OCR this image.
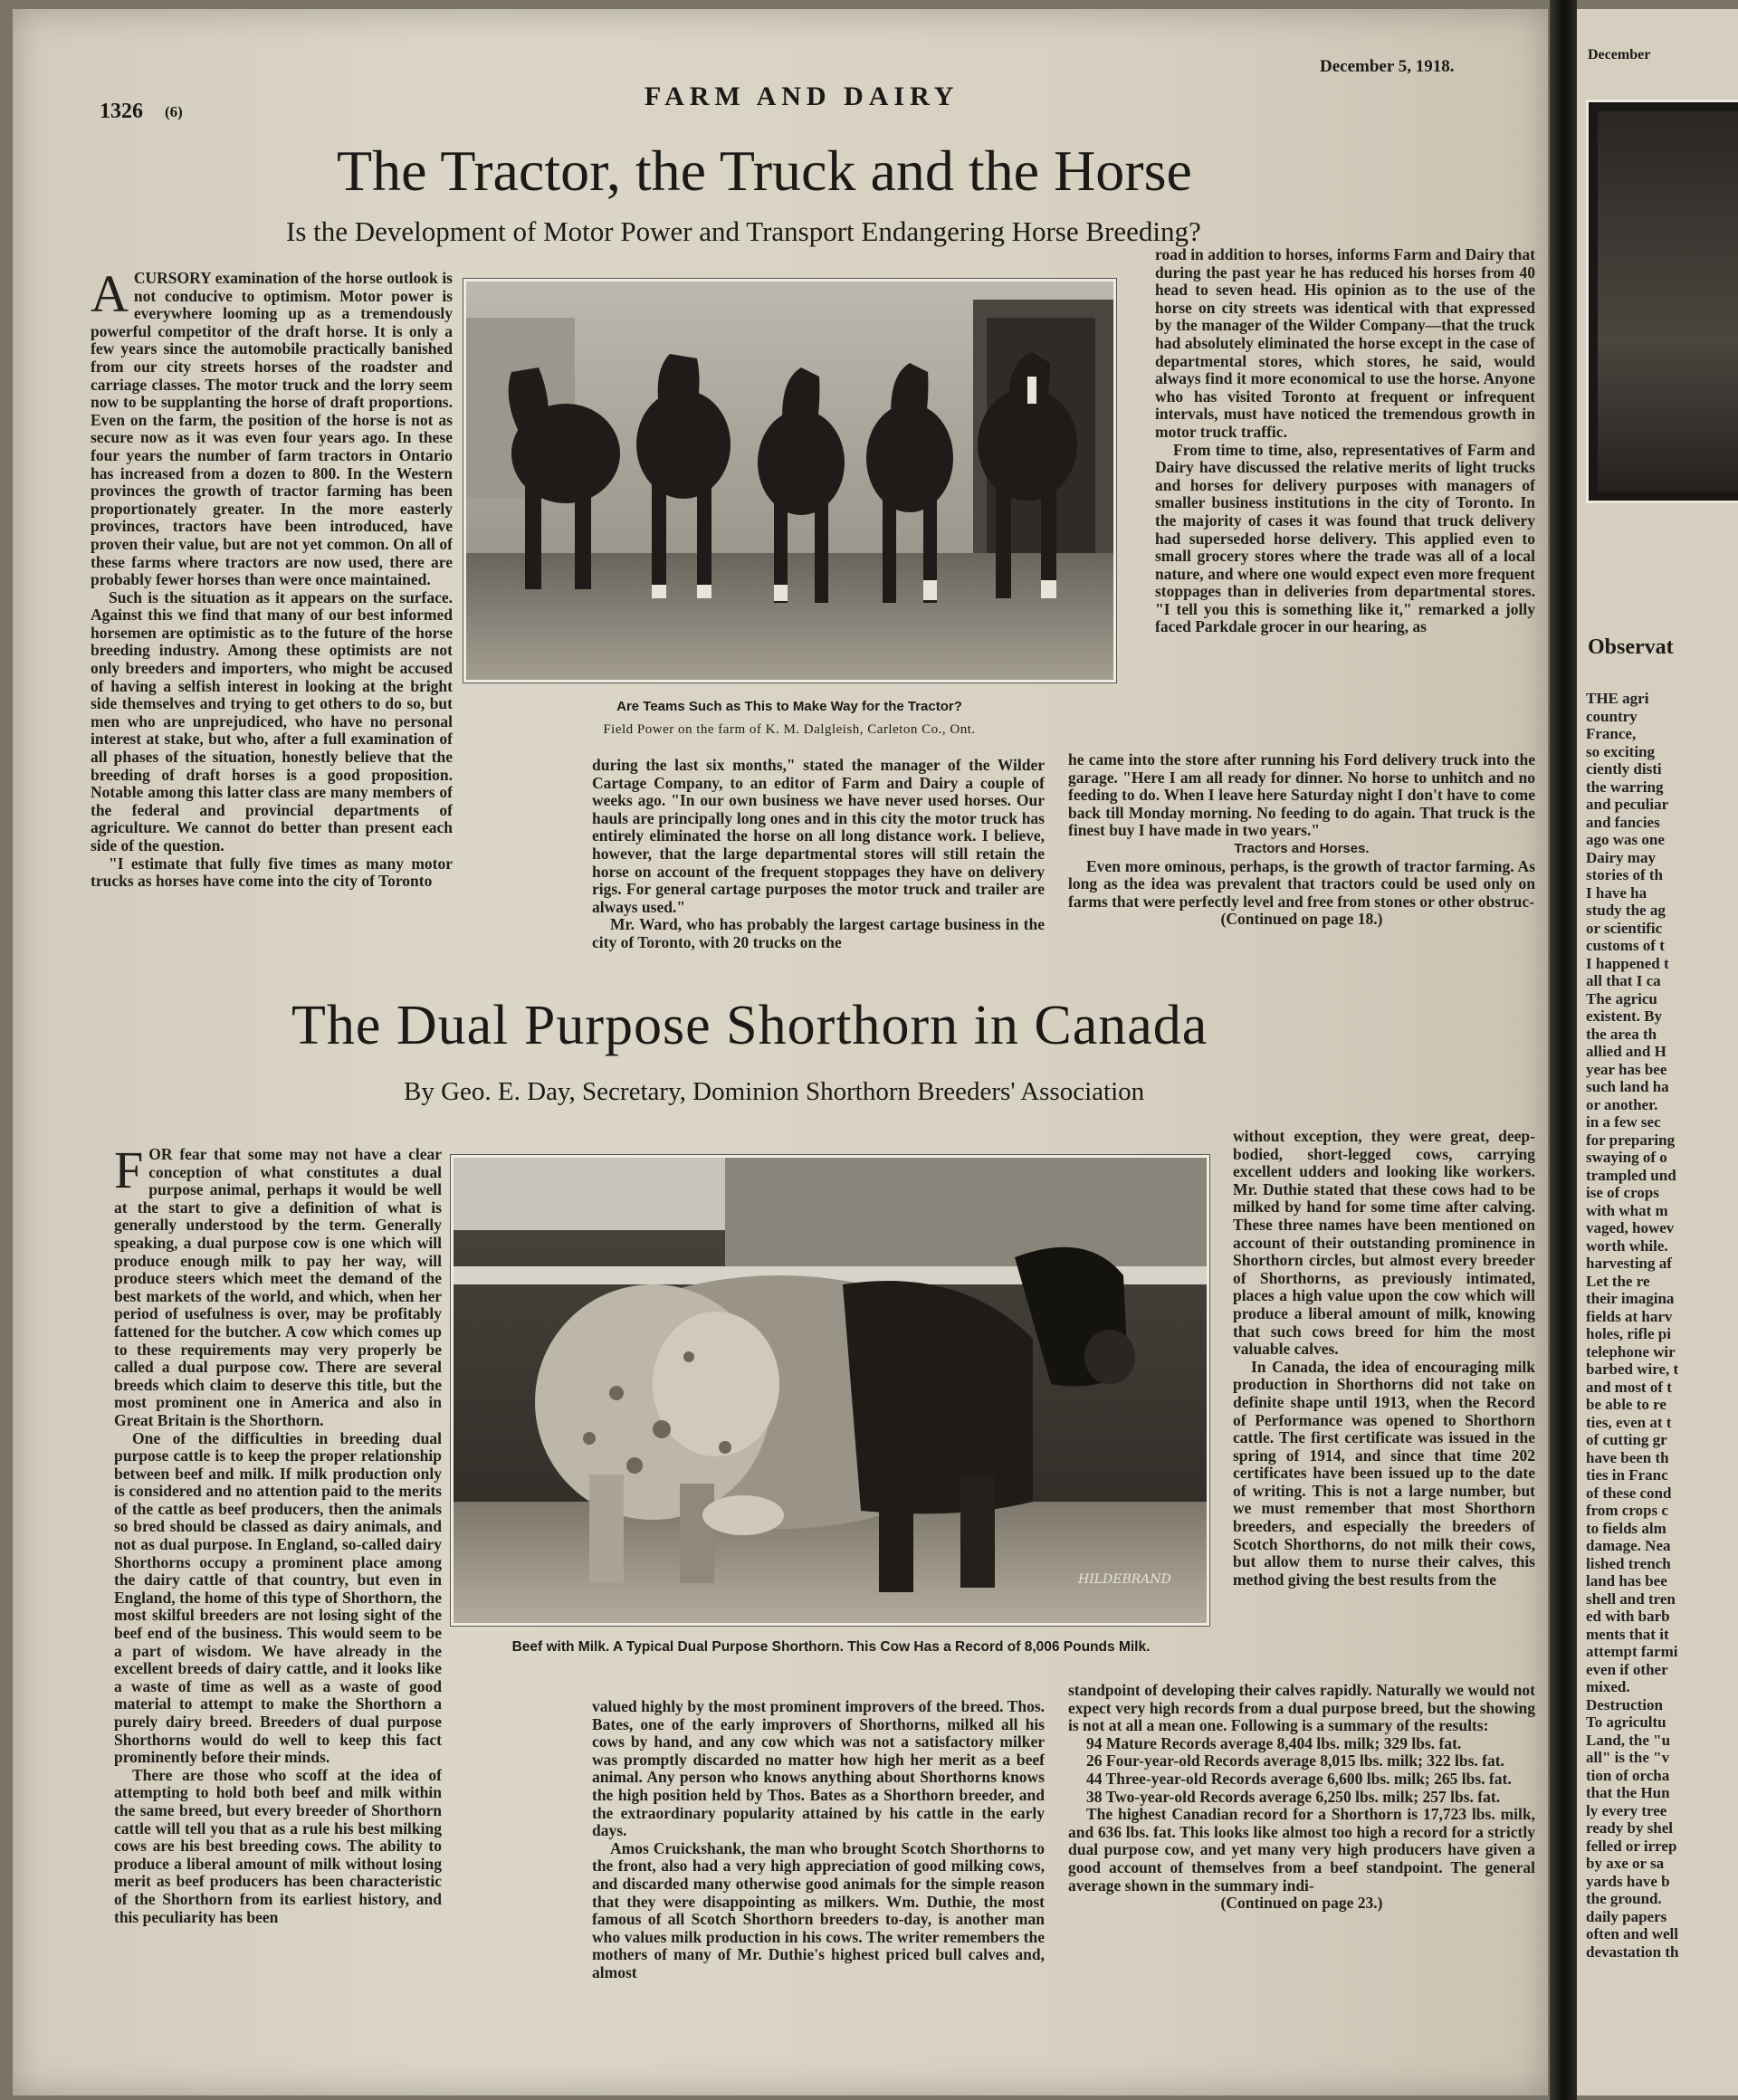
1326 (6)
FARM AND DAIRY
December 5, 1918.
The Tractor, the Truck and the Horse
Is the Development of Motor Power and Transport Endangering Horse Breeding?

ACURSORY examination of the horse outlook is not conducive to optimism. Motor power is everywhere looming up as a tremendously powerful competitor of the draft horse. It is only a few years since the automobile practically banished from our city streets horses of the roadster and carriage classes. The motor truck and the lorry seem now to be supplanting the horse of draft proportions. Even on the farm, the position of the horse is not as secure now as it was even four years ago. In these four years the number of farm tractors in Ontario has increased from a dozen to 800. In the Western provinces the growth of tractor farming has been proportionately greater. In the more easterly provinces, tractors have been introduced, have proven their value, but are not yet common. On all of these farms where tractors are now used, there are probably fewer horses than were once maintained.

Such is the situation as it appears on the surface. Against this we find that many of our best informed horsemen are optimistic as to the future of the horse breeding industry. Among these optimists are not only breeders and importers, who might be accused of having a selfish interest in looking at the bright side themselves and trying to get others to do so, but men who are unprejudiced, who have no personal interest at stake, but who, after a full examination of all phases of the situation, honestly believe that the breeding of draft horses is a good proposition. Notable among this latter class are many members of the federal and provincial departments of agriculture. We cannot do better than present each side of the question.

"I estimate that fully five times as many motor trucks as horses have come into the city of Toronto

Are Teams Such as This to Make Way for the Tractor?
Field Power on the farm of K. M. Dalgleish, Carleton Co., Ont.

during the last six months," stated the manager of the Wilder Cartage Company, to an editor of Farm and Dairy a couple of weeks ago. "In our own business we have never used horses. Our hauls are principally long ones and in this city the motor truck has entirely eliminated the horse on all long distance work. I believe, however, that the large departmental stores will still retain the horse on account of the frequent stoppages they have on delivery rigs. For general cartage purposes the motor truck and trailer are always used."

Mr. Ward, who has probably the largest cartage business in the city of Toronto, with 20 trucks on the

road in addition to horses, informs Farm and Dairy that during the past year he has reduced his horses from 40 head to seven head. His opinion as to the use of the horse on city streets was identical with that expressed by the manager of the Wilder Company—that the truck had absolutely eliminated the horse except in the case of departmental stores, which stores, he said, would always find it more economical to use the horse. Anyone who has visited Toronto at frequent or infrequent intervals, must have noticed the tremendous growth in motor truck traffic.

From time to time, also, representatives of Farm and Dairy have discussed the relative merits of light trucks and horses for delivery purposes with managers of smaller business institutions in the city of Toronto. In the majority of cases it was found that truck delivery had superseded horse delivery. This applied even to small grocery stores where the trade was all of a local nature, and where one would expect even more frequent stoppages than in deliveries from departmental stores. "I tell you this is something like it," remarked a jolly faced Parkdale grocer in our hearing, as

he came into the store after running his Ford delivery truck into the garage. "Here I am all ready for dinner. No horse to unhitch and no feeding to do. When I leave here Saturday night I don't have to come back till Monday morning. No feeding to do again. That truck is the finest buy I have made in two years."

Tractors and Horses.

Even more ominous, perhaps, is the growth of tractor farming. As long as the idea was prevalent that tractors could be used only on farms that were perfectly level and free from stones or other obstruc-

(Continued on page 18.)

The Dual Purpose Shorthorn in Canada
By Geo. E. Day, Secretary, Dominion Shorthorn Breeders' Association

FOR fear that some may not have a clear conception of what constitutes a dual purpose animal, perhaps it would be well at the start to give a definition of what is generally understood by the term. Generally speaking, a dual purpose cow is one which will produce enough milk to pay her way, will produce steers which meet the demand of the best markets of the world, and which, when her period of usefulness is over, may be profitably fattened for the butcher. A cow which comes up to these requirements may very properly be called a dual purpose cow. There are several breeds which claim to deserve this title, but the most prominent one in America and also in Great Britain is the Shorthorn.

One of the difficulties in breeding dual purpose cattle is to keep the proper relationship between beef and milk. If milk production only is considered and no attention paid to the merits of the cattle as beef producers, then the animals so bred should be classed as dairy animals, and not as dual purpose. In England, so-called dairy Shorthorns occupy a prominent place among the dairy cattle of that country, but even in England, the home of this type of Shorthorn, the most skilful breeders are not losing sight of the beef end of the business. This would seem to be a part of wisdom. We have already in the excellent breeds of dairy cattle, and it looks like a waste of time as well as a waste of good material to attempt to make the Shorthorn a purely dairy breed. Breeders of dual purpose Shorthorns would do well to keep this fact prominently before their minds.

There are those who scoff at the idea of attempting to hold both beef and milk within the same breed, but every breeder of Shorthorn cattle will tell you that as a rule his best milking cows are his best breeding cows. The ability to produce a liberal amount of milk without losing merit as beef producers has been characteristic of the Shorthorn from its earliest history, and this peculiarity has been

HILDEBRAND
Beef with Milk. A Typical Dual Purpose Shorthorn. This Cow Has a Record of 8,006 Pounds Milk.

valued highly by the most prominent improvers of the breed. Thos. Bates, one of the early improvers of Shorthorns, milked all his cows by hand, and any cow which was not a satisfactory milker was promptly discarded no matter how high her merit as a beef animal. Any person who knows anything about Shorthorns knows the high position held by Thos. Bates as a Shorthorn breeder, and the extraordinary popularity attained by his cattle in the early days.

Amos Cruickshank, the man who brought Scotch Shorthorns to the front, also had a very high appreciation of good milking cows, and discarded many otherwise good animals for the simple reason that they were disappointing as milkers. Wm. Duthie, the most famous of all Scotch Shorthorn breeders to-day, is another man who values milk production in his cows. The writer remembers the mothers of many of Mr. Duthie's highest priced bull calves and, almost

without exception, they were great, deep-bodied, short-legged cows, carrying excellent udders and looking like workers. Mr. Duthie stated that these cows had to be milked by hand for some time after calving. These three names have been mentioned on account of their outstanding prominence in Shorthorn circles, but almost every breeder of Shorthorns, as previously intimated, places a high value upon the cow which will produce a liberal amount of milk, knowing that such cows breed for him the most valuable calves.

In Canada, the idea of encouraging milk production in Shorthorns did not take on definite shape until 1913, when the Record of Performance was opened to Shorthorn cattle. The first certificate was issued in the spring of 1914, and since that time 202 certificates have been issued up to the date of writing. This is not a large number, but we must remember that most Shorthorn breeders, and especially the breeders of Scotch Shorthorns, do not milk their cows, but allow them to nurse their calves, this method giving the best results from the

standpoint of developing their calves rapidly. Naturally we would not expect very high records from a dual purpose breed, but the showing is not at all a mean one. Following is a summary of the results:

94 Mature Records average 8,404 lbs. milk; 329 lbs. fat.

26 Four-year-old Records average 8,015 lbs. milk; 322 lbs. fat.

44 Three-year-old Records average 6,600 lbs. milk; 265 lbs. fat.

38 Two-year-old Records average 6,250 lbs. milk; 257 lbs. fat.

The highest Canadian record for a Shorthorn is 17,723 lbs. milk, and 636 lbs. fat. This looks like almost too high a record for a strictly dual purpose cow, and yet many very high producers have given a good account of themselves from a beef standpoint. The general average shown in the summary indi-

(Continued on page 23.)

December
Observat
THE agri
country
France,
so exciting
ciently disti
the warring
and peculiar
and fancies
ago was one
Dairy may
stories of th
I have ha
study the ag
or scientific
customs of t
I happened t
all that I ca
The agricu
existent. By
the area th
allied and H
year has bee
such land ha
or another.
in a few sec
for preparing
swaying of o
trampled und
ise of crops
with what m
vaged, howev
worth while.
harvesting af
Let the re
their imagina
fields at harv
holes, rifle pi
telephone wir
barbed wire, t
and most of t
be able to re
ties, even at t
of cutting gr
have been th
ties in Franc
of these cond
from crops c
to fields alm
damage. Nea
lished trench
land has bee
shell and tren
ed with barb
ments that it
attempt farmi
even if other
mixed.
Destruction
To agricultu
Land, the "u
all" is the "v
tion of orcha
that the Hun
ly every tree
ready by shel
felled or irrep
by axe or sa
yards have b
the ground.
daily papers
often and well
devastation th
